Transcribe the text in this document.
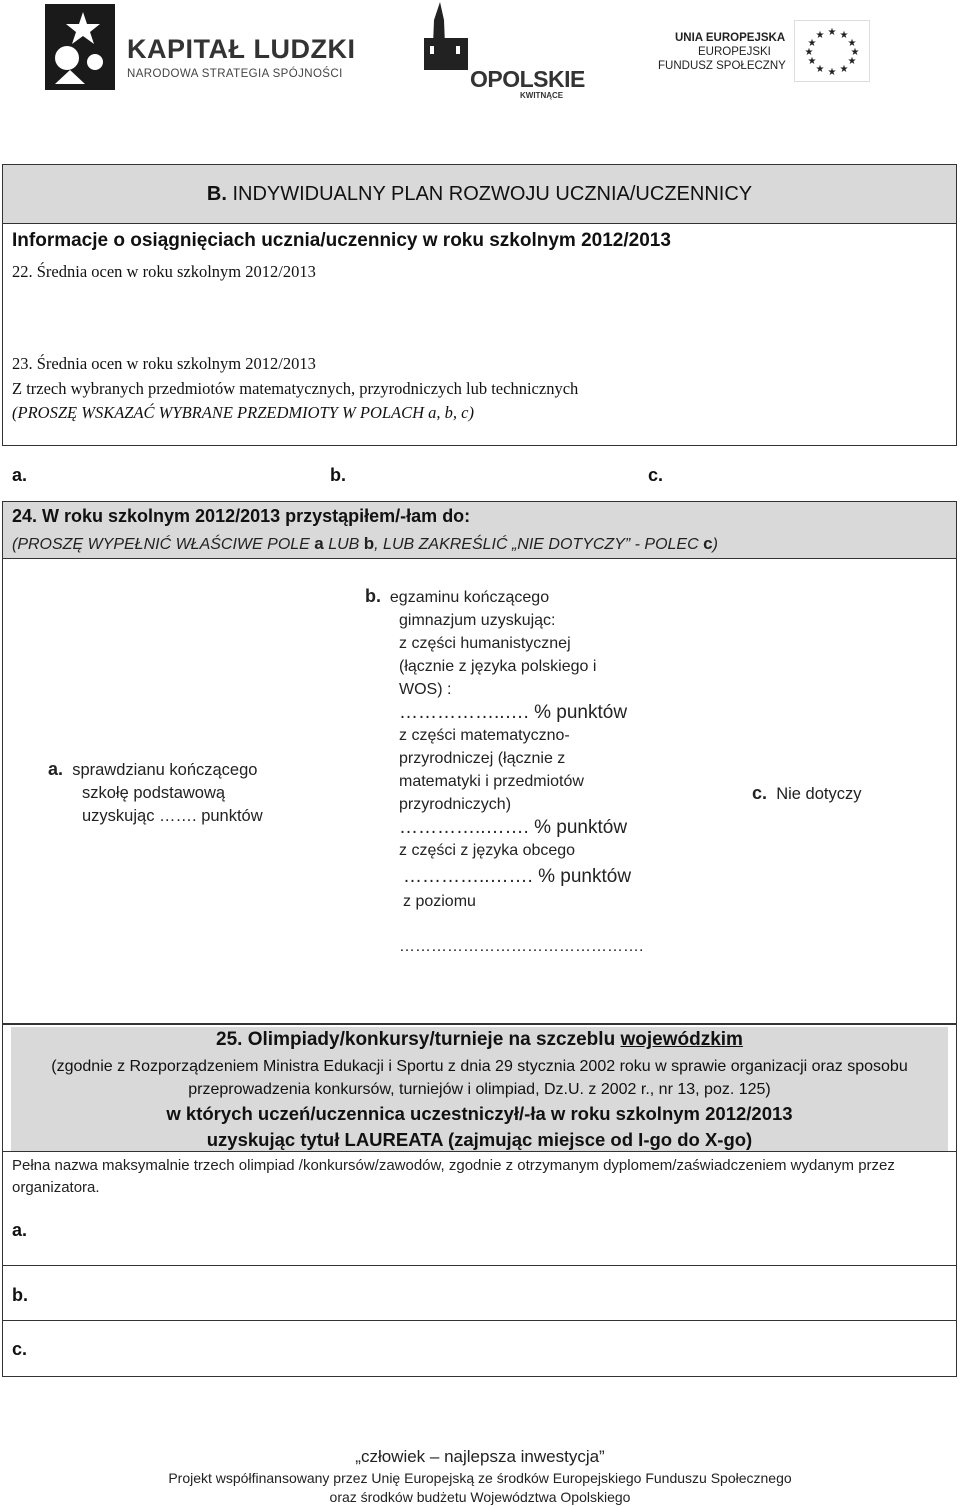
KAPITAŁ LUDZKI
NARODOWA STRATEGIA SPÓJNOŚCI	OPOLSKIE
KWITNĄCE
UNIA EUROPEJSKA
EUROPEJSKI
FUNDUSZ SPOŁECZNY
★ ★
★
★
★
★
★
★
★
★
★
★
B. INDYWIDUALNY PLAN ROZWOJU UCZNIA/UCZENNICY
Informacje o osiągnięciach ucznia/uczennicy w roku szkolnym 2012/2013
22. Średnia ocen w roku szkolnym 2012/2013
23. Średnia ocen w roku szkolnym 2012/2013
Z trzech wybranych przedmiotów matematycznych, przyrodniczych lub technicznych
(PROSZĘ WSKAZAĆ WYBRANE PRZEDMIOTY W POLACH a, b, c)
a.	b.	c.
24. W roku szkolnym 2012/2013 przystąpiłem/-łam do:
(PROSZĘ WYPEŁNIĆ WŁAŚCIWE POLE a LUB b, LUB ZAKREŚLIĆ „NIE DOTYCZY” - POLEC c)
a. sprawdzianu kończącego
szkołę podstawową
uzyskując ……. punktów
b. egzaminu kończącego
gimnazjum uzyskując:
z części humanistycznej
(łącznie z języka polskiego i
WOS) :
……………..…. % punktów
z części matematyczno-
przyrodniczej (łącznie z
matematyki i przedmiotów
przyrodniczych)
…………..……. % punktów
z części z języka obcego
…………..……. % punktów
z poziomu
……………………………………….
c. Nie dotyczy
25. Olimpiady/konkursy/turnieje na szczeblu wojewódzkim
(zgodnie z Rozporządzeniem Ministra Edukacji i Sportu z dnia 29 stycznia 2002 roku w sprawie organizacji oraz sposobu
przeprowadzenia konkursów, turniejów i olimpiad, Dz.U. z 2002 r., nr 13, poz. 125)
w których uczeń/uczennica uczestniczył/-ła w roku szkolnym 2012/2013
uzyskując tytuł LAUREATA (zajmując miejsce od I-go do X-go)
Pełna nazwa maksymalnie trzech olimpiad /konkursów/zawodów, zgodnie z otrzymanym dyplomem/zaświadczeniem wydanym przez organizatora.
a.
b.
c.
„człowiek – najlepsza inwestycja”
Projekt współfinansowany przez Unię Europejską ze środków Europejskiego Funduszu Społecznego
oraz środków budżetu Województwa Opolskiego
